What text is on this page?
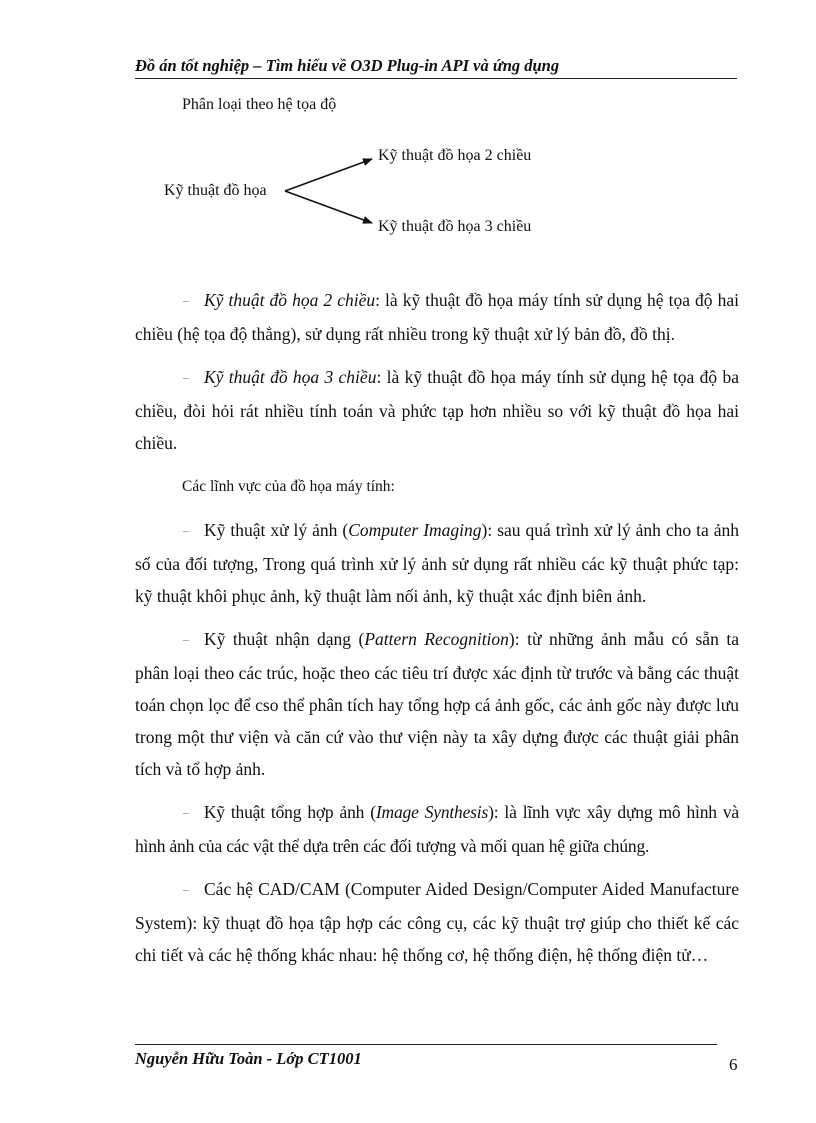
Đồ án tốt nghiệp – Tìm hiểu về O3D Plug-in API và ứng dụng
Phân loại theo hệ tọa độ
Kỹ thuật đồ họa
Kỹ thuật đồ họa 2 chiều
Kỹ thuật đồ họa 3 chiều

– Kỹ thuật đồ họa 2 chiều: là kỹ thuật đồ họa máy tính sử dụng hệ tọa độ hai chiều (hệ tọa độ thẳng), sử dụng rất nhiều trong kỹ thuật xử lý bản đồ, đồ thị.

– Kỹ thuật đồ họa 3 chiều: là kỹ thuật đồ họa máy tính sử dụng hệ tọa độ ba chiều, đòi hỏi rát nhiều tính toán và phức tạp hơn nhiều so với kỹ thuật đồ họa hai chiều.

Các lĩnh vực của đồ họa máy tính:

– Kỹ thuật xử lý ảnh (Computer Imaging): sau quá trình xử lý ảnh cho ta ảnh số của đối tượng, Trong quá trình xử lý ảnh sử dụng rất nhiều các kỹ thuật phức tạp: kỹ thuật khôi phục ảnh, kỹ thuật làm nối ảnh, kỹ thuật xác định biên ảnh.

– Kỹ thuật nhận dạng (Pattern Recognition): từ những ảnh mẫu có sẵn ta phân loại theo các trúc, hoặc theo các tiêu trí được xác định từ trước và bằng các thuật toán chọn lọc để cso thể phân tích hay tổng hợp cá ảnh gốc, các ảnh gốc này được lưu trong một thư viện và căn cứ vào thư viện này ta xây dựng được các thuật giải phân tích và tổ hợp ảnh.

– Kỹ thuật tổng hợp ảnh (Image Synthesis): là lĩnh vực xây dựng mô hình và hình ảnh của các vật thể dựa trên các đối tượng và mối quan hệ giữa chúng.

– Các hệ CAD/CAM (Computer Aided Design/Computer Aided Manufacture System): kỹ thuạt đồ họa tập hợp các công cụ, các kỹ thuật trợ giúp cho thiết kế các chi tiết và các hệ thống khác nhau: hệ thống cơ, hệ thống điện, hệ thống điện tử…

Nguyễn Hữu Toàn - Lớp CT1001	6
